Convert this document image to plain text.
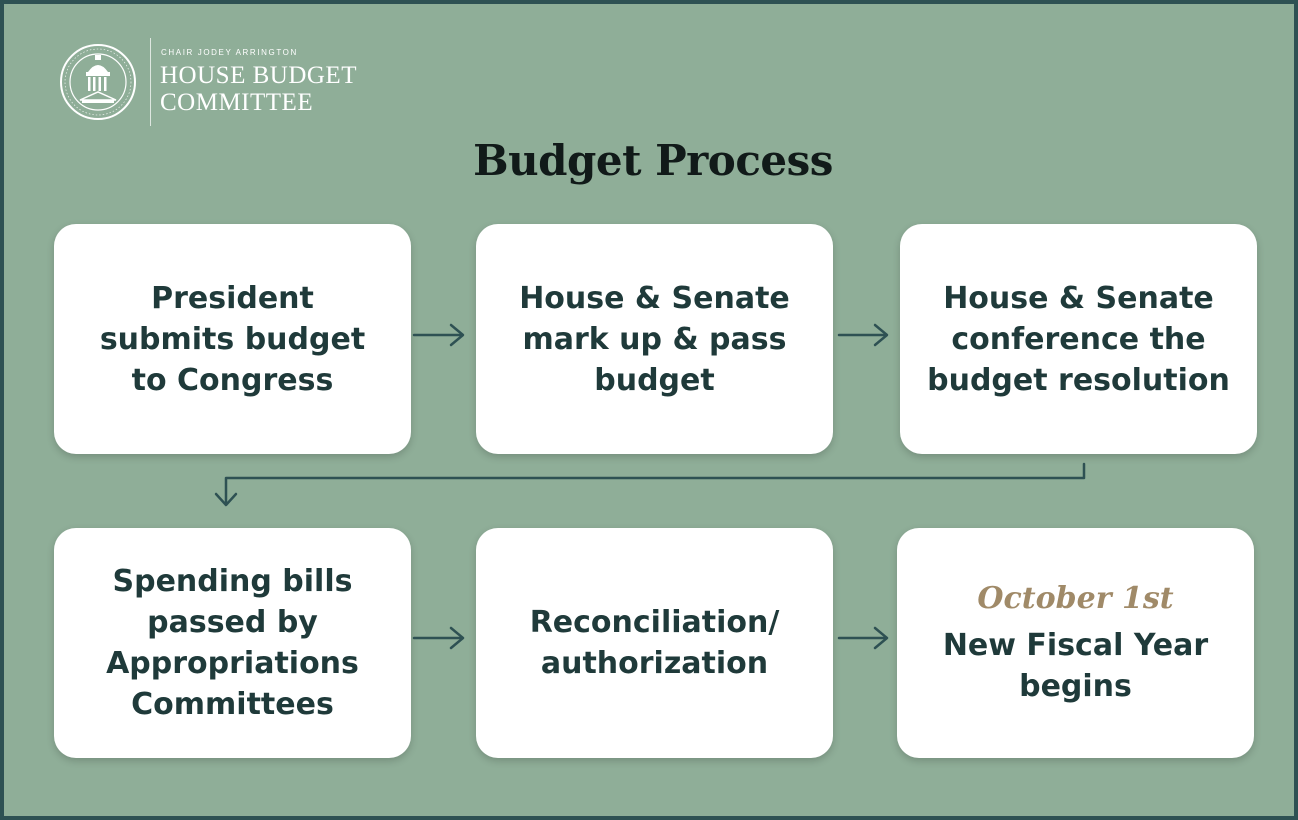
CHAIR JODEY ARRINGTON
HOUSE BUDGET
COMMITTEE
Budget Process
President
submits budget
to Congress
House & Senate
mark up & pass
budget
House & Senate
conference the
budget resolution
Spending bills
passed by
Appropriations
Committees
Reconciliation/
authorization
October 1st
New Fiscal Year
begins
